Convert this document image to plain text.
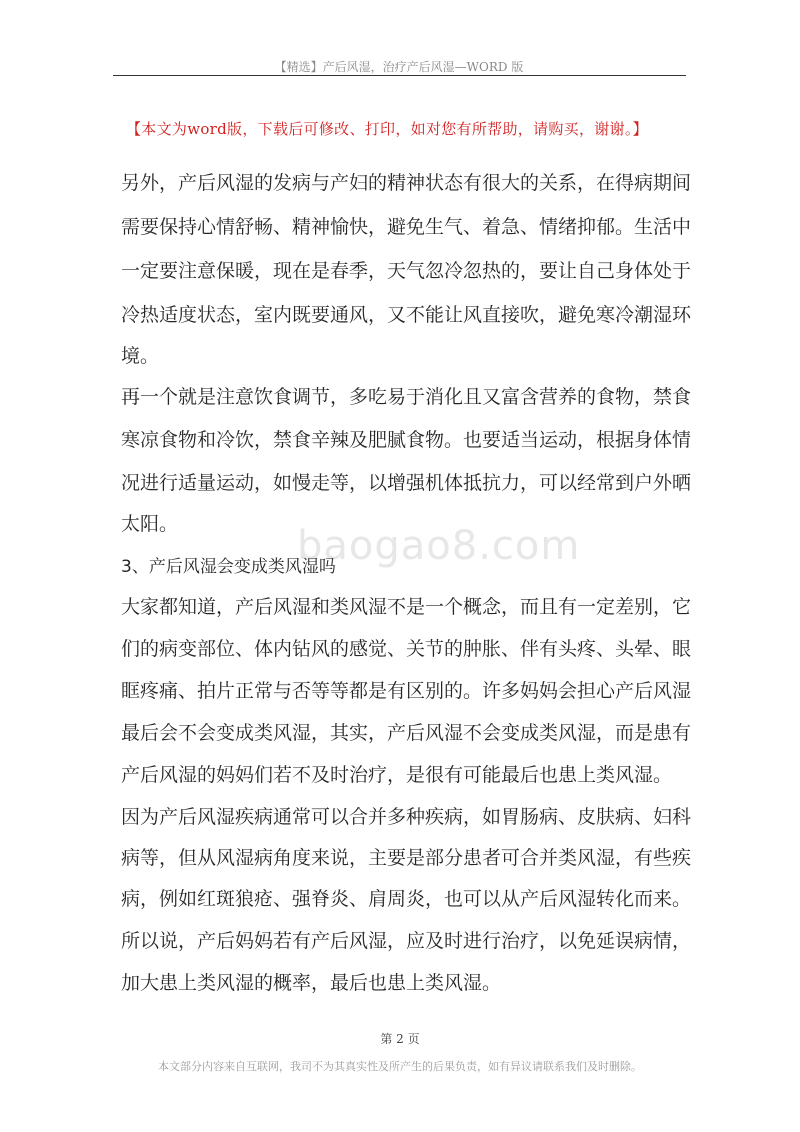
【精选】产后风湿，治疗产后风湿—WORD 版
【本文为word版，下载后可修改、打印，如对您有所帮助，请购买，谢谢。】
baogao8.com
另外，产后风湿的发病与产妇的精神状态有很大的关系，在得病期间
需要保持心情舒畅、精神愉快，避免生气、着急、情绪抑郁。生活中
一定要注意保暖，现在是春季，天气忽冷忽热的，要让自己身体处于
冷热适度状态，室内既要通风，又不能让风直接吹，避免寒冷潮湿环
境。
再一个就是注意饮食调节，多吃易于消化且又富含营养的食物，禁食
寒凉食物和冷饮，禁食辛辣及肥腻食物。也要适当运动，根据身体情
况进行适量运动，如慢走等，以增强机体抵抗力，可以经常到户外晒
太阳。
3、产后风湿会变成类风湿吗
大家都知道，产后风湿和类风湿不是一个概念，而且有一定差别，它
们的病变部位、体内钻风的感觉、关节的肿胀、伴有头疼、头晕、眼
眶疼痛、拍片正常与否等等都是有区别的。许多妈妈会担心产后风湿
最后会不会变成类风湿，其实，产后风湿不会变成类风湿，而是患有
产后风湿的妈妈们若不及时治疗，是很有可能最后也患上类风湿。
因为产后风湿疾病通常可以合并多种疾病，如胃肠病、皮肤病、妇科
病等，但从风湿病角度来说，主要是部分患者可合并类风湿，有些疾
病，例如红斑狼疮、强脊炎、肩周炎，也可以从产后风湿转化而来。
所以说，产后妈妈若有产后风湿，应及时进行治疗，以免延误病情，
加大患上类风湿的概率，最后也患上类风湿。
第 2 页
本文部分内容来自互联网，我司不为其真实性及所产生的后果负责，如有异议请联系我们及时删除。
